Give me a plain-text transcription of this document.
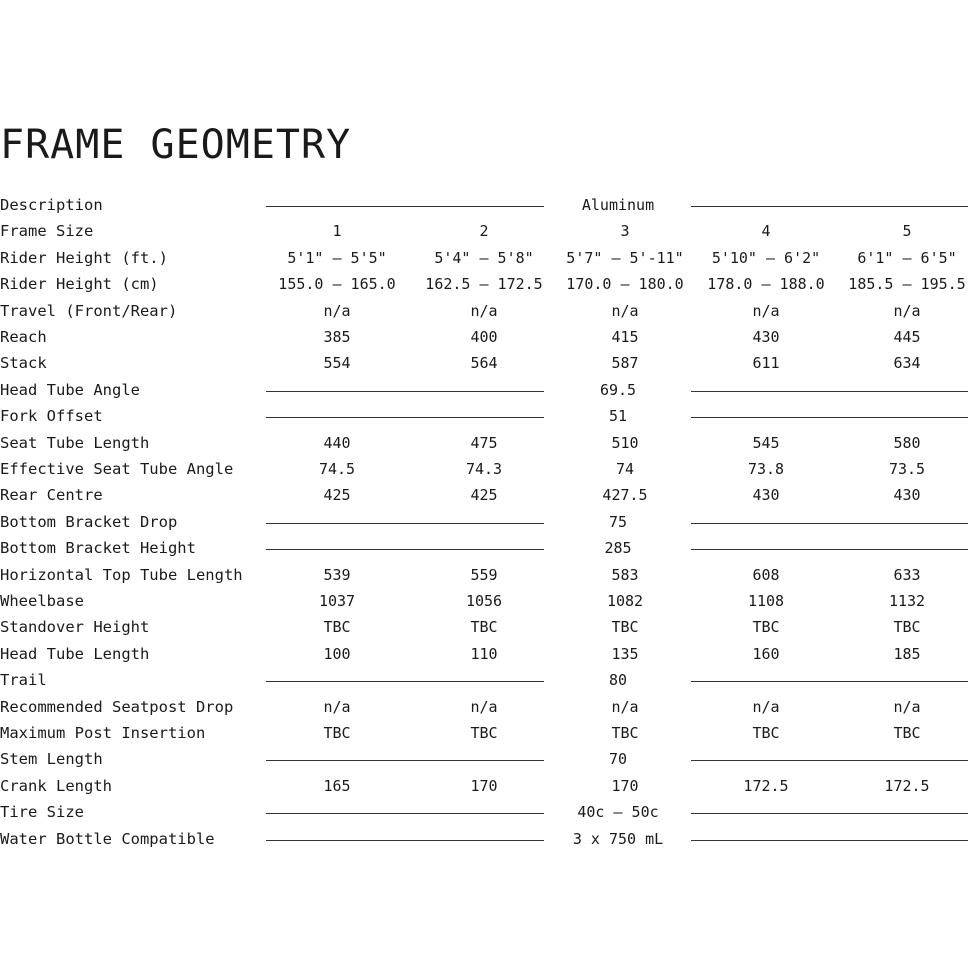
FRAME GEOMETRY
Description	Aluminum
Frame Size	1	2	3	4	5
Rider Height (ft.)	5'1" – 5'5"	5'4" – 5'8"	5'7" – 5'-11"	5'10" – 6'2"	6'1" – 6'5"
Rider Height (cm)	155.0 – 165.0	162.5 – 172.5	170.0 – 180.0	178.0 – 188.0	185.5 – 195.5
Travel (Front/Rear)	n/a	n/a	n/a	n/a	n/a
Reach	385	400	415	430	445
Stack	554	564	587	611	634
Head Tube Angle	69.5
Fork Offset	51
Seat Tube Length	440	475	510	545	580
Effective Seat Tube Angle	74.5	74.3	74	73.8	73.5
Rear Centre	425	425	427.5	430	430
Bottom Bracket Drop	75
Bottom Bracket Height	285
Horizontal Top Tube Length	539	559	583	608	633
Wheelbase	1037	1056	1082	1108	1132
Standover Height	TBC	TBC	TBC	TBC	TBC
Head Tube Length	100	110	135	160	185
Trail	80
Recommended Seatpost Drop	n/a	n/a	n/a	n/a	n/a
Maximum Post Insertion	TBC	TBC	TBC	TBC	TBC
Stem Length	70
Crank Length	165	170	170	172.5	172.5
Tire Size	40c – 50c
Water Bottle Compatible	3 x 750 mL
